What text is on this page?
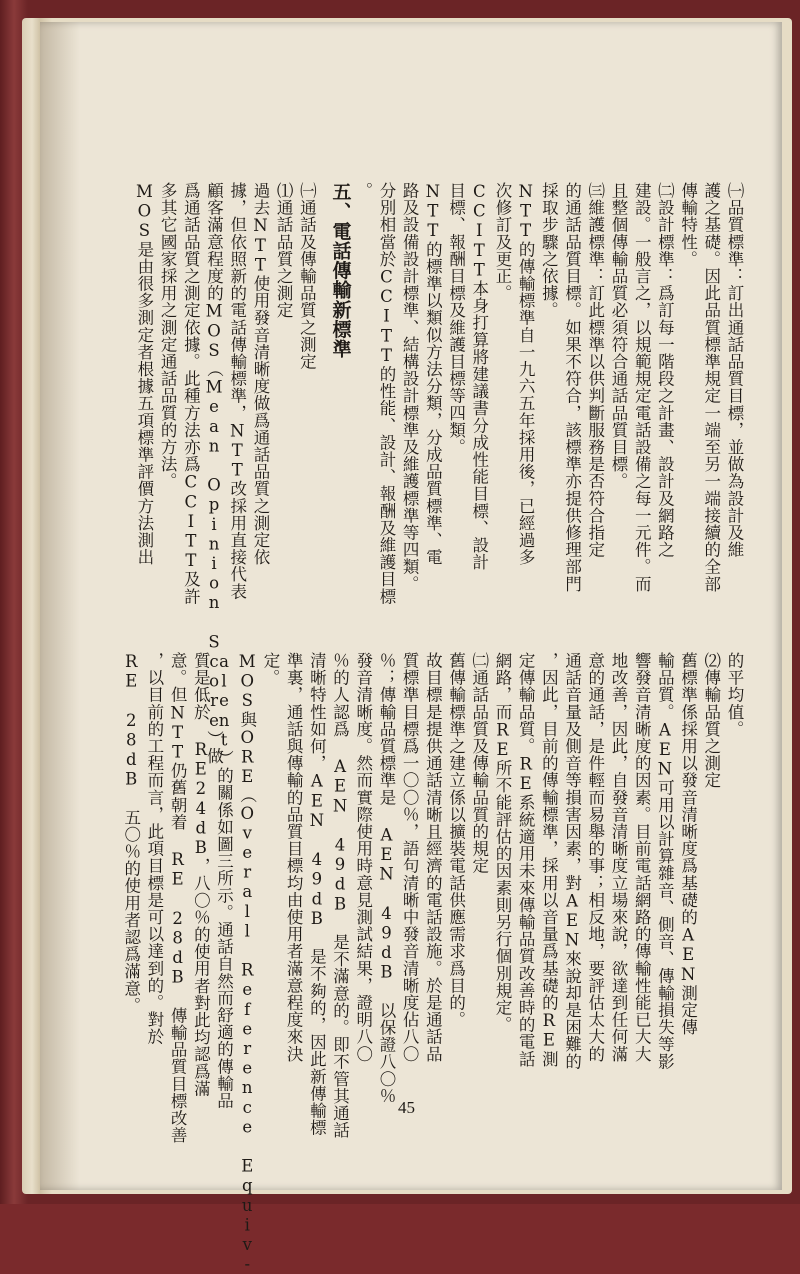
㈠品質標準：訂出通話品質目標，並做為設計及維
護之基礎。因此品質標準規定一端至另一端接續的全部
傳輸特性。
㈡設計標準：爲訂每一階段之計畫、設計及網路之
建設。一般言之，以規範規定電話設備之每一元件。而
且整個傳輸品質必須符合通話品質目標。
㈢維護標準：訂此標準以供判斷服務是否符合指定
的通話品質目標。如果不符合，該標準亦提供修理部門
採取步驟之依據。
NTT的傳輸標準自一九六五年採用後，已經過多
次修訂及更正。
CCITT本身打算將建議書分成性能目標、設計
目標、報酬目標及維護目標等四類。
NTT的標準以類似方法分類，分成品質標準、電
路及設備設計標準、結構設計標準及維護標準等四類。
分別相當於CCITT的性能、設計、報酬及維護目標
。
五、電話傳輸新標準
㈠通話及傳輸品質之測定
⑴通話品質之測定
過去NTT使用發音清晰度做爲通話品質之測定依
據，但依照新的電話傳輸標準，NTT改採用直接代表
顧客滿意程度的MOS（Mean Opinion Score）做
爲通話品質之測定依據。此種方法亦爲CCITT及許
多其它國家採用之測定通話品質的方法。
MOS是由很多測定者根據五項標準評價方法測出
的平均值。
⑵傳輸品質之測定
舊標準係採用以發音清晰度爲基礎的AEN測定傳
輸品質。AEN可用以計算雜音、側音、傳輸損失等影
響發音清晰度的因素。目前電話網路的傳輸性能已大大
地改善，因此，自發音清晰度立場來說，欲達到任何滿
意的通話，是件輕而易舉的事；相反地，要評估太大的
通話音量及側音等損害因素，對AEN來說却是困難的
，因此，目前的傳輸標準，採用以音量爲基礎的RE測
定傳輸品質。RE系統適用未來傳輸品質改善時的電話
網路，而RE所不能評估的因素則另行個別規定。
㈡通話品質及傳輸品質的規定
舊傳輸標準之建立係以擴裝電話供應需求爲目的。
故目標是提供通話清晰且經濟的電話設施。於是通話品
質標準目標爲一〇〇％，語句清晰中發音清晰度佔八〇
％；傳輸品質標準是 AEN 49dB 以保證八〇％
發音清晰度。然而實際使用時意見測試結果，證明八〇
％的人認爲 AEN 49dB 是不滿意的。即不管其通話
清晰特性如何，AEN 49dB 是不夠的，因此新傳輸標
準裏，通話與傳輸的品質目標均由使用者滿意程度來決
定。
MOS與ORE（Overall Reference Equiv-
alent）的關係如圖三所示。通話自然而舒適的傳輸品
質是低於 RE24dB，八〇％的使用者對此均認爲滿
意。但NTT仍舊朝着 RE 28dB 傳輸品質目標改善
，以目前的工程而言，此項目標是可以達到的。對於
RE 28dB 五〇％的使用者認爲滿意。
45
